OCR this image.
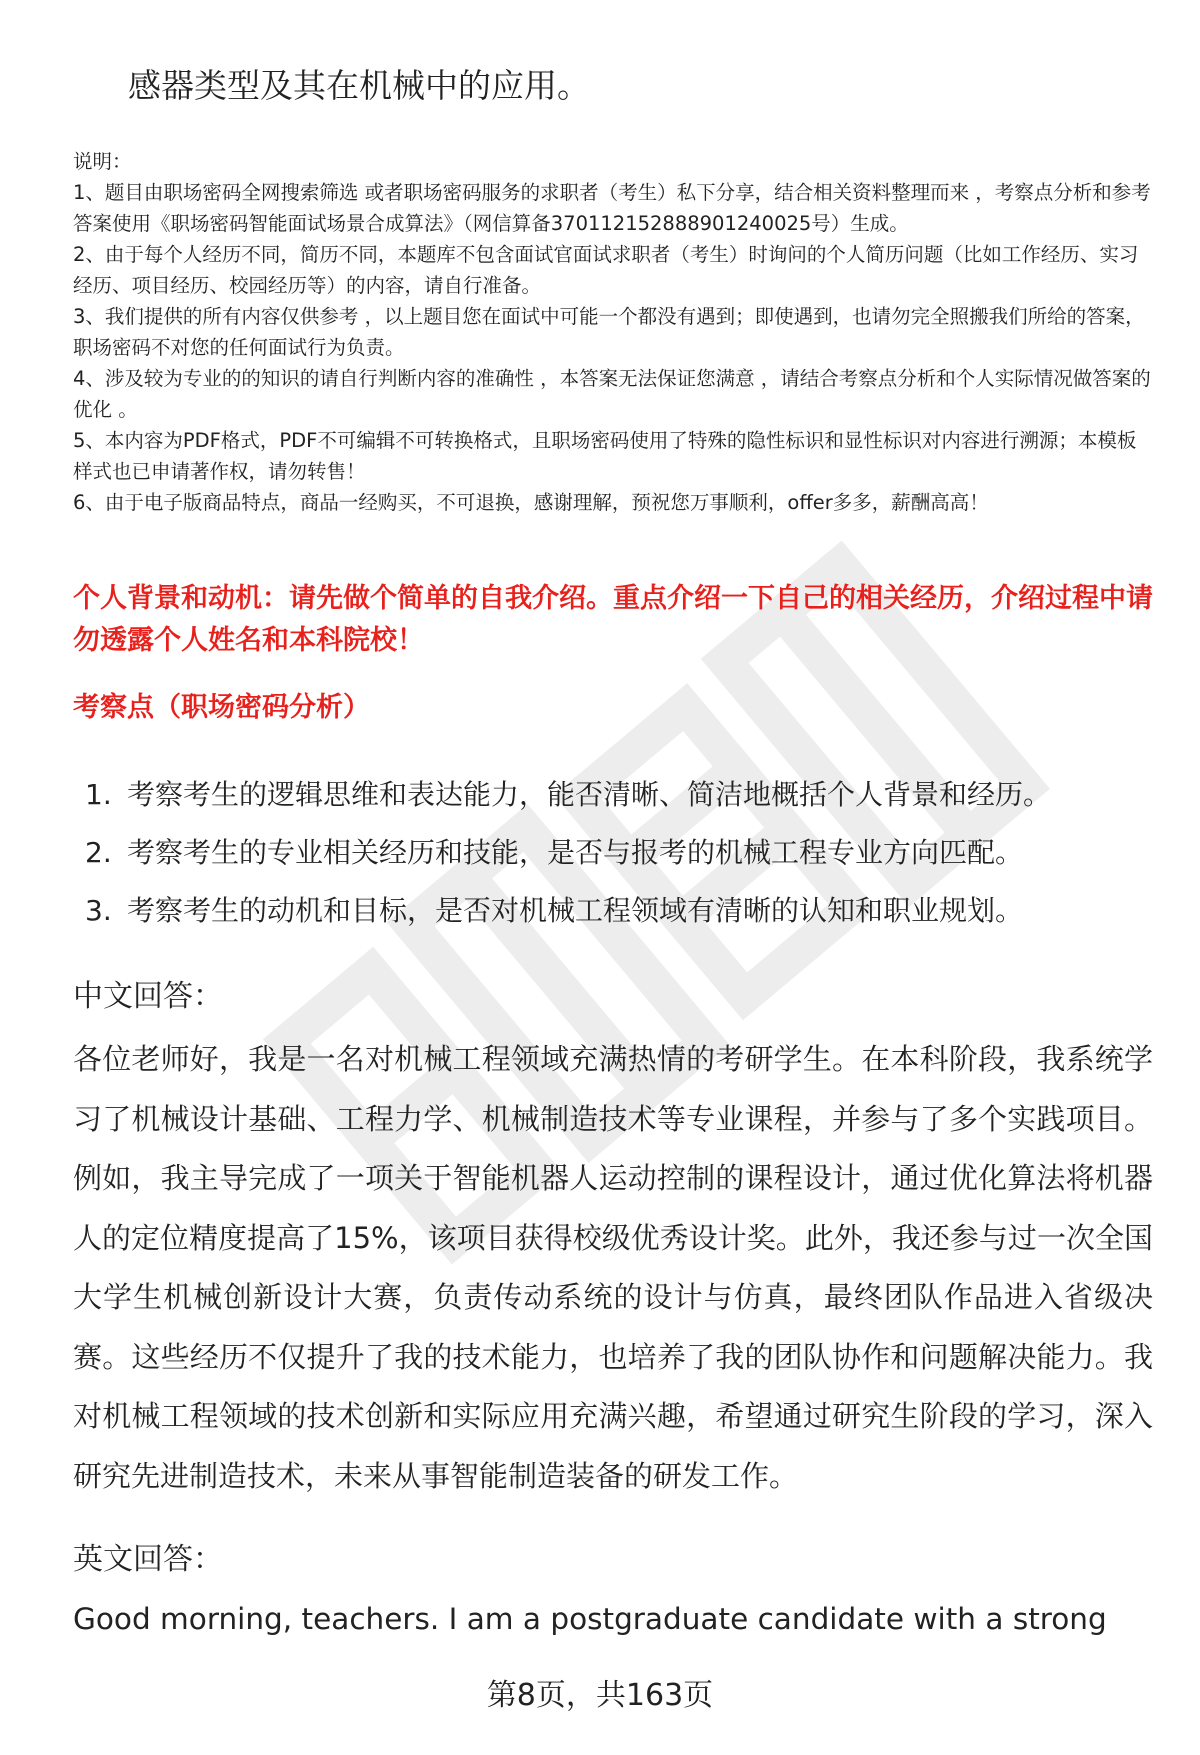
感器类型及其在机械中的应用。

说明：

1、题目由职场密码全网搜索筛选 或者职场密码服务的求职者（考生）私下分享，结合相关资料整理而来 ，考察点分析和参考答案使用《职场密码智能面试场景合成算法》（网信算备370112152888901240025号）生成。

2、由于每个人经历不同，简历不同，本题库不包含面试官面试求职者（考生）时询问的个人简历问题（比如工作经历、实习经历、项目经历、校园经历等）的内容，请自行准备。

3、我们提供的所有内容仅供参考 ，以上题目您在面试中可能一个都没有遇到；即使遇到，也请勿完全照搬我们所给的答案，职场密码不对您的任何面试行为负责。

4、涉及较为专业的的知识的请自行判断内容的准确性 ，本答案无法保证您满意 ，请结合考察点分析和个人实际情况做答案的优化 。

5、本内容为PDF格式，PDF不可编辑不可转换格式，且职场密码使用了特殊的隐性标识和显性标识对内容进行溯源；本模板样式也已申请著作权，请勿转售！

6、由于电子版商品特点，商品一经购买，不可退换，感谢理解，预祝您万事顺利，offer多多，薪酬高高！

个人背景和动机：请先做个简单的自我介绍。重点介绍一下自己的相关经历，介绍过程中请勿透露个人姓名和本科院校！
考察点（职场密码分析）
1. 考察考生的逻辑思维和表达能力，能否清晰、简洁地概括个人背景和经历。
2. 考察考生的专业相关经历和技能，是否与报考的机械工程专业方向匹配。
3. 考察考生的动机和目标，是否对机械工程领域有清晰的认知和职业规划。
中文回答：

各位老师好，我是一名对机械工程领域充满热情的考研学生。在本科阶段，我系统学习了机械设计基础、工程力学、机械制造技术等专业课程，并参与了多个实践项目。例如，我主导完成了一项关于智能机器人运动控制的课程设计，通过优化算法将机器人的定位精度提高了15%，该项目获得校级优秀设计奖。此外，我还参与过一次全国大学生机械创新设计大赛，负责传动系统的设计与仿真，最终团队作品进入省级决赛。这些经历不仅提升了我的技术能力，也培养了我的团队协作和问题解决能力。我对机械工程领域的技术创新和实际应用充满兴趣，希望通过研究生阶段的学习，深入研究先进制造技术，未来从事智能制造装备的研发工作。

英文回答：

Good morning, teachers. I am a postgraduate candidate with a strong

第8页，共163页
